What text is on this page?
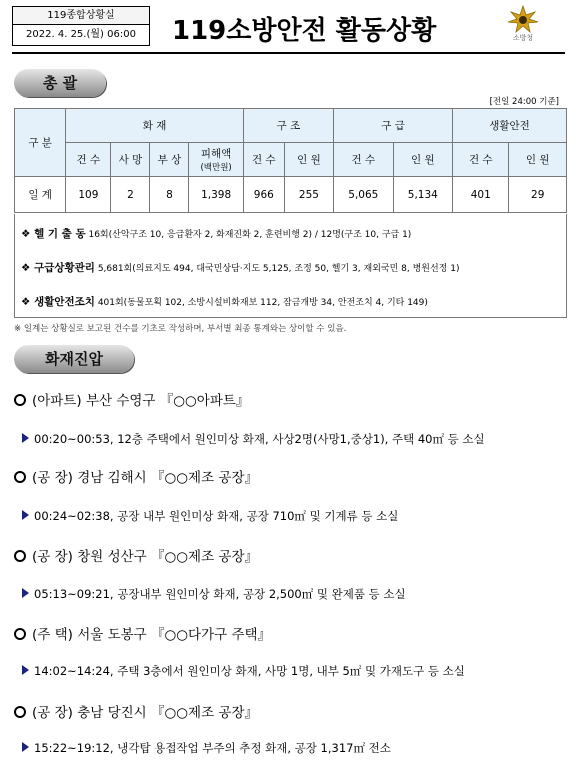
119종합상황실
2022. 4. 25.(월) 06:00	119소방안전 활동상황	소방청
총 괄
[전일 24:00 기준]
구 분	화 재				구 조		구 급		생활안전	
	건 수	사 망	부 상	피해액
(백만원)	건 수	인 원	건 수	인 원	건 수	인 원
일 계	109	2	8	1,398	966	255	5,065	5,134	401	29
❖ 헬 기 출 동 16회(산악구조 10, 응급환자 2, 화재진화 2, 훈련비행 2) / 12명(구조 10, 구급 1)
❖ 구급상황관리 5,681회(의료지도 494, 대국민상담·지도 5,125, 조정 50, 헬기 3, 재외국민 8, 병원선정 1)
❖ 생활안전조치 401회(동물포획 102, 소방시설비화재보 112, 잠금개방 34, 안전조치 4, 기타 149)
※ 일계는 상황실로 보고된 건수를 기초로 작성하며, 부서별 최종 통계와는 상이할 수 있음.
화재진압
(아파트) 부산 수영구 『○○아파트』
00:20~00:53, 12층 주택에서 원인미상 화재, 사상2명(사망1,중상1), 주택 40㎡ 등 소실
(공 장) 경남 김해시 『○○제조 공장』
00:24~02:38, 공장 내부 원인미상 화재, 공장 710㎡ 및 기계류 등 소실
(공 장) 창원 성산구 『○○제조 공장』
05:13~09:21, 공장내부 원인미상 화재, 공장 2,500㎡ 및 완제품 등 소실
(주 택) 서울 도봉구 『○○다가구 주택』
14:02~14:24, 주택 3층에서 원인미상 화재, 사망 1명, 내부 5㎡ 및 가재도구 등 소실
(공 장) 충남 당진시 『○○제조 공장』
15:22~19:12, 냉각탑 용접작업 부주의 추정 화재, 공장 1,317㎡ 전소
